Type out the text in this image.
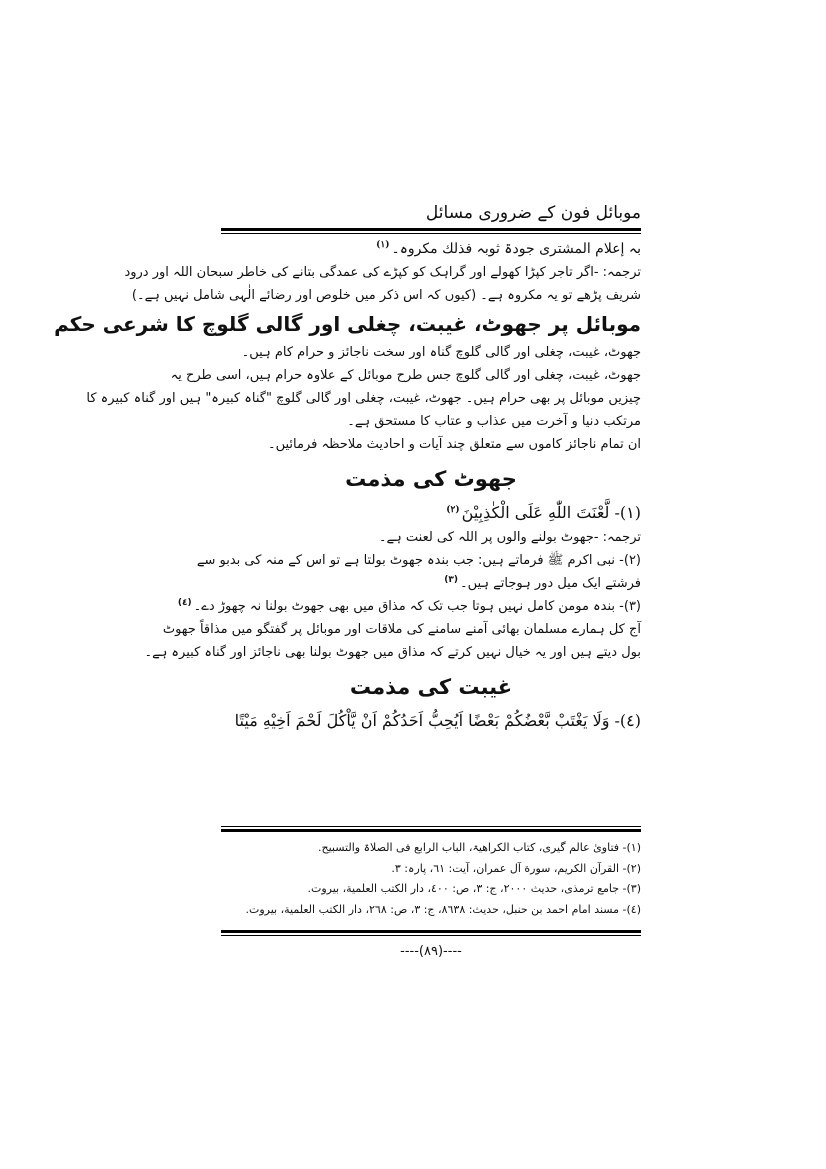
موبائل فون کے ضروری مسائل
بہ إعلام المشتری جودۃ ثوبہ فذلك مكروہ۔(١)
ترجمہ: -اگر تاجر کپڑا کھولے اور گراہک کو کپڑے کی عمدگی بتانے کی خاطر سبحان اللہ اور درود
شریف پڑھے تو یہ مکروہ ہے۔ (کیوں کہ اس ذکر میں خلوص اور رضائے الٰہی شامل نہیں ہے۔)
موبائل پر جھوٹ، غیبت، چغلی اور گالی گلوچ کا شرعی حکم
جھوٹ، غیبت، چغلی اور گالی گلوچ گناہ اور سخت ناجائز و حرام کام ہیں۔
جھوٹ، غیبت، چغلی اور گالی گلوچ جس طرح موبائل کے علاوہ حرام ہیں، اسی طرح یہ
چیزیں موبائل پر بھی حرام ہیں۔ جھوٹ، غیبت، چغلی اور گالی گلوچ "گناہ کبیرہ" ہیں اور گناہ کبیرہ کا
مرتکب دنیا و آخرت میں عذاب و عتاب کا مستحق ہے۔
ان تمام ناجائز کاموں سے متعلق چند آیات و احادیث ملاحظہ فرمائیں۔
جھوٹ کی مذمت
(١)- لَّعْنَتَ اللّٰهِ عَلَى الْكٰذِبِيْنَ(٢)
ترجمہ: -جھوٹ بولنے والوں پر اللہ کی لعنت ہے۔
(٢)- نبی اکرم ﷺ فرماتے ہیں: جب بندہ جھوٹ بولتا ہے تو اس کے منہ کی بدبو سے
فرشتے ایک میل دور ہوجاتے ہیں۔(٣)
(٣)- بندہ مومن کامل نہیں ہوتا جب تک کہ مذاق میں بھی جھوٹ بولنا نہ چھوڑ دے۔(٤)
آج کل ہمارے مسلمان بھائی آمنے سامنے کی ملاقات اور موبائل پر گفتگو میں مذاقاً جھوٹ
بول دیتے ہیں اور یہ خیال نہیں کرتے کہ مذاق میں جھوٹ بولنا بھی ناجائز اور گناہ کبیرہ ہے۔
غیبت کی مذمت
(٤)- وَلَا يَغْتَبْ بَّعْضُكُمْ بَعْضًا اَيُحِبُّ اَحَدُكُمْ اَنْ يَّاْكُلَ لَحْمَ اَخِيْهِ مَيْتًا
(١)- فتاویٰ عالم گیری، کتاب الکراھیۃ، الباب الرابع فی الصلاۃ والتسبیح.
(٢)- القرآن الكريم، سورة آل عمران، آیت: ٦١، پارہ: ٣.
(٣)- جامع ترمذی، حدیث ٢٠٠٠، ج: ٣، ص: ٤٠٠، دار الكتب العلمية، بيروت.
(٤)- مسند امام احمد بن حنبل، حدیث: ٨٦٣٨، ج: ٣، ص: ٢٦٨، دار الكتب العلمية، بيروت.
----(٨٩)----
